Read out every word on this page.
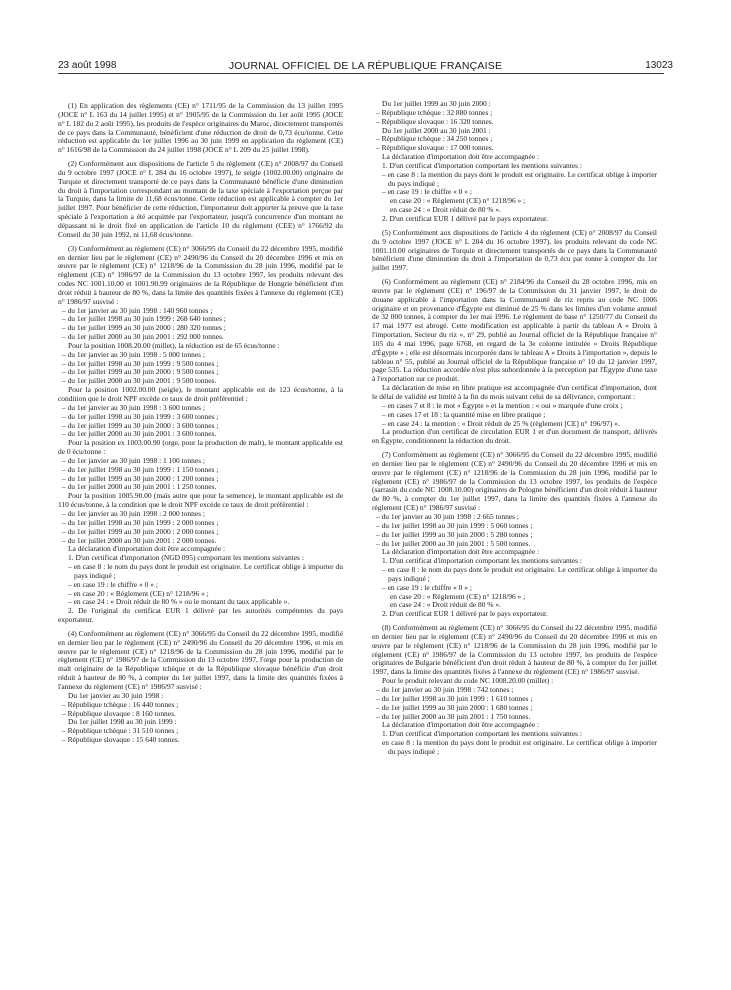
23 août 1998	JOURNAL OFFICIEL DE LA RÉPUBLIQUE FRANÇAISE	13023
(1) En application des règlements (CE) n° 1711/95 de la Commission du 13 juillet 1995 (JOCE n° L 163 du 14 juillet 1995) et n° 1905/95 de la Commission du 1er août 1995 (JOCE n° L 182 du 2 août 1995), les produits de l'espèce originaires du Maroc, directement transportés de ce pays dans la Communauté, bénéficient d'une réduction de droit de 0,73 écu/tonne. Cette réduction est applicable du 1er juillet 1996 au 30 juin 1999 en application du règlement (CE) n° 1616/98 de la Commission du 24 juillet 1998 (JOCE n° L 209 du 25 juillet 1998).
(2) Conformément aux dispositions de l'article 5 du règlement (CE) n° 2008/97 du Conseil du 9 octobre 1997 (JOCE n° L 284 du 16 octobre 1997), le seigle (1002.00.00) originaire de Turquie et directement transporté de ce pays dans la Communauté bénéficie d'une diminution du droit à l'importation correspondant au montant de la taxe spéciale à l'exportation perçue par la Turquie, dans la limite de 11,68 écus/tonne. Cette réduction est applicable à compter du 1er juillet 1997. Pour bénéficier de cette réduction, l'importateur doit apporter la preuve que la taxe spéciale à l'exportation a été acquittée par l'exportateur, jusqu'à concurrence d'un montant ne dépassant ni le droit fixé en application de l'article 10 du règlement (CEE) n° 1766/92 du Conseil du 30 juin 1992, ni 11,68 écus/tonne.
(3) Conformément au règlement (CE) n° 3066/95 du Conseil du 22 décembre 1995, modifié en dernier lieu par le règlement (CE) n° 2490/96 du Conseil du 20 décembre 1996 et mis en œuvre par le règlement (CE) n° 1218/96 de la Commission du 28 juin 1996, modifié par le règlement (CE) n° 1986/97 de la Commission du 13 octobre 1997, les produits relevant des codes NC 1001.10.00 et 1001.90.99 originaires de la République de Hongrie bénéficient d'un droit réduit à hauteur de 80 %, dans la limite des quantités fixées à l'annexe du règlement (CE) n° 1986/97 susvisé :
– du 1er janvier au 30 juin 1998 : 140 960 tonnes ;
– du 1er juillet 1998 au 30 juin 1999 : 268 640 tonnes ;
– du 1er juillet 1999 au 30 juin 2000 : 280 320 tonnes ;
– du 1er juillet 2000 au 30 juin 2001 : 292 000 tonnes.
Pour la position 1008.20.00 (millet), la réduction est de 65 écus/tonne :
– du 1er janvier au 30 juin 1998 : 5 000 tonnes ;
– du 1er juillet 1998 au 30 juin 1999 : 9 500 tonnes ;
– du 1er juillet 1999 au 30 juin 2000 : 9 500 tonnes ;
– du 1er juillet 2000 au 30 juin 2001 : 9 500 tonnes.
Pour la position 1002.00.00 (seigle), le montant applicable est de 123 écus/tonne, à la condition que le droit NPF excède ce taux de droit préférentiel :
– du 1er janvier au 30 juin 1998 : 3 600 tonnes ;
– du 1er juillet 1998 au 30 juin 1999 : 3 600 tonnes ;
– du 1er juillet 1999 au 30 juin 2000 : 3 600 tonnes ;
– du 1er juillet 2000 au 30 juin 2001 : 3 600 tonnes.
Pour la position ex 1003.00.90 (orge, pour la production de malt), le montant applicable est de 0 écu/tonne :
– du 1er janvier au 30 juin 1998 : 1 100 tonnes ;
– du 1er juillet 1998 au 30 juin 1999 : 1 150 tonnes ;
– du 1er juillet 1999 au 30 juin 2000 : 1 200 tonnes ;
– du 1er juillet 2000 au 30 juin 2001 : 1 250 tonnes.
Pour la position 1005.90.00 (maïs autre que pour la semence), le montant applicable est de 110 écus/tonne, à la condition que le droit NPF excède ce taux de droit préférentiel :
– du 1er janvier au 30 juin 1998 : 2 000 tonnes ;
– du 1er juillet 1998 au 30 juin 1999 : 2 000 tonnes ;
– du 1er juillet 1999 au 30 juin 2000 : 2 000 tonnes ;
– du 1er juillet 2000 au 30 juin 2001 : 2 000 tonnes.
La déclaration d'importation doit être accompagnée :
1. D'un certificat d'importation (NGD 095) comportant les mentions suivantes :
– en case 8 : le nom du pays dont le produit est originaire. Le certificat oblige à importer du pays indiqué ;
– en case 19 : le chiffre « 0 » ;
– en case 20 : « Règlement (CE) n° 1218/96 » ;
– en case 24 : « Droit réduit de 80 % » ou le montant du taux applicable ».
2. De l'original du certificat EUR 1 délivré par les autorités compétentes du pays exportateur.
(4) Conformément au règlement (CE) n° 3066/95 du Conseil du 22 décembre 1995, modifié en dernier lieu par le règlement (CE) n° 2490/96 du Conseil du 20 décembre 1996, et mis en œuvre par le règlement (CE) n° 1218/96 de la Commission du 28 juin 1996, modifié par le règlement (CE) n° 1986/97 de la Commission du 13 octobre 1997, l'orge pour la production de malt originaire de la République tchèque et de la République slovaque bénéficie d'un droit réduit à hauteur de 80 %, à compter du 1er juillet 1997, dans la limite des quantités fixées à l'annexe du règlement (CE) n° 1986/97 susvisé :
Du 1er janvier au 30 juin 1998 :
– République tchèque : 16 440 tonnes ;
– République slovaque : 8 160 tonnes.
Du 1er juillet 1998 au 30 juin 1999 :
– République tchèque : 31 510 tonnes ;
– République slovaque : 15 640 tonnes.
Du 1er juillet 1999 au 30 juin 2000 :
– République tchèque : 32 880 tonnes ;
– République slovaque : 16 320 tonnes.
Du 1er juillet 2000 au 30 juin 2001 :
– République tchèque : 34 250 tonnes ;
– République slovaque : 17 000 tonnes.
La déclaration d'importation doit être accompagnée :
1. D'un certificat d'importation comportant les mentions suivantes :
– en case 8 : la mention du pays dont le produit est originaire. Le certificat oblige à importer du pays indiqué ;
– en case 19 : le chiffre « 0 » ;
en case 20 : « Règlement (CE) n° 1218/96 » ;
en case 24 : « Droit réduit de 80 % ».
2. D'un certificat EUR 1 délivré par le pays exportateur.
(5) Conformément aux dispositions de l'article 4 du règlement (CE) n° 2008/97 du Conseil du 9 octobre 1997 (JOCE n° L 284 du 16 octobre 1997), les produits relevant du code NC 1001.10.00 originaires de Turquie et directement transportés de ce pays dans la Communauté bénéficient d'une diminution du droit à l'importation de 0,73 écu par tonne à compter du 1er juillet 1997.
(6) Conformément au règlement (CE) n° 2184/96 du Conseil du 28 octobre 1996, mis en œuvre par le règlement (CE) n° 196/97 de la Commission du 31 janvier 1997, le droit de douane applicable à l'importation dans la Communauté de riz repris au code NC 1006 originaire et en provenance d'Égypte est diminué de 25 % dans les limites d'un volume annuel de 32 000 tonnes, à compter du 1er mai 1996. Le règlement de base n° 1250/77 du Conseil du 17 mai 1977 est abrogé. Cette modification est applicable à partir du tableau A « Droits à l'importation, Secteur du riz », n° 29, publié au Journal officiel de la République française n° 105 du 4 mai 1996, page 6768, en regard de la 3e colonne intitulée « Droits République d'Égypte » ; elle est désormais incorporée dans le tableau A « Droits à l'importation », depuis le tableau n° 55, publié au Journal officiel de la République française n° 10 du 12 janvier 1997, page 535. La réduction accordée n'est plus subordonnée à la perception par l'Égypte d'une taxe à l'exportation sur ce produit.
La déclaration de mise en libre pratique est accompagnée d'un certificat d'importation, dont le délai de validité est limité à la fin du mois suivant celui de sa délivrance, comportant :
– en cases 7 et 8 : le mot « Égypte » et la mention : « oui » marquée d'une croix ;
– en cases 17 et 18 : la quantité mise en libre pratique ;
– en case 24 : la mention : « Droit réduit de 25 % (règlement [CE] n° 196/97) ».
La production d'un certificat de circulation EUR 1 et d'un document de transport, délivrés en Égypte, conditionnent la réduction du droit.
(7) Conformément au règlement (CE) n° 3066/95 du Conseil du 22 décembre 1995, modifié en dernier lieu par le règlement (CE) n° 2490/96 du Conseil du 20 décembre 1996 et mis en œuvre par le règlement (CE) n° 1218/96 de la Commission du 28 juin 1996, modifié par le règlement (CE) n° 1986/97 de la Commission du 13 octobre 1997, les produits de l'espèce (sarrasin du code NC 1008.10.00) originaires de Pologne bénéficient d'un droit réduit à hauteur de 80 %, à compter du 1er juillet 1997, dans la limite des quantités fixées à l'annexe du règlement (CE) n° 1986/97 susvisé :
– du 1er janvier au 30 juin 1998 : 2 665 tonnes ;
– du 1er juillet 1998 au 30 juin 1999 : 5 060 tonnes ;
– du 1er juillet 1999 au 30 juin 2000 : 5 280 tonnes ;
– du 1er juillet 2000 au 30 juin 2001 : 5 500 tonnes.
La déclaration d'importation doit être accompagnée :
1. D'un certificat d'importation comportant les mentions suivantes :
– en case 8 : le nom du pays dont le produit est originaire. Le certificat oblige à importer du pays indiqué ;
– en case 19 : le chiffre « 0 » ;
en case 20 : « Règlement (CE) n° 1218/96 » ;
en case 24 : « Droit réduit de 80 % ».
2. D'un certificat EUR 1 délivré par le pays exportateur.
(8) Conformément au règlement (CE) n° 3066/95 du Conseil du 22 décembre 1995, modifié en dernier lieu par le règlement (CE) n° 2490/96 du Conseil du 20 décembre 1996 et mis en œuvre par le règlement (CE) n° 1218/96 de la Commission du 28 juin 1996, modifié par le règlement (CE) n° 1986/97 de la Commission du 13 octobre 1997, les produits de l'espèce originaires de Bulgarie bénéficient d'un droit réduit à hauteur de 80 %, à compter du 1er juillet 1997, dans la limite des quantités fixées à l'annexe du règlement (CE) n° 1986/97 susvisé.
Pour le produit relevant du code NC 1008.20.00 (millet) :
– du 1er janvier au 30 juin 1998 : 742 tonnes ;
– du 1er juillet 1998 au 30 juin 1999 : 1 610 tonnes ;
– du 1er juillet 1999 au 30 juin 2000 : 1 680 tonnes ;
– du 1er juillet 2000 au 30 juin 2001 : 1 750 tonnes.
La déclaration d'importation doit être accompagnée :
1. D'un certificat d'importation comportant les mentions suivantes :
en case 8 : la mention du pays dont le produit est originaire. Le certificat oblige à importer du pays indiqué ;
